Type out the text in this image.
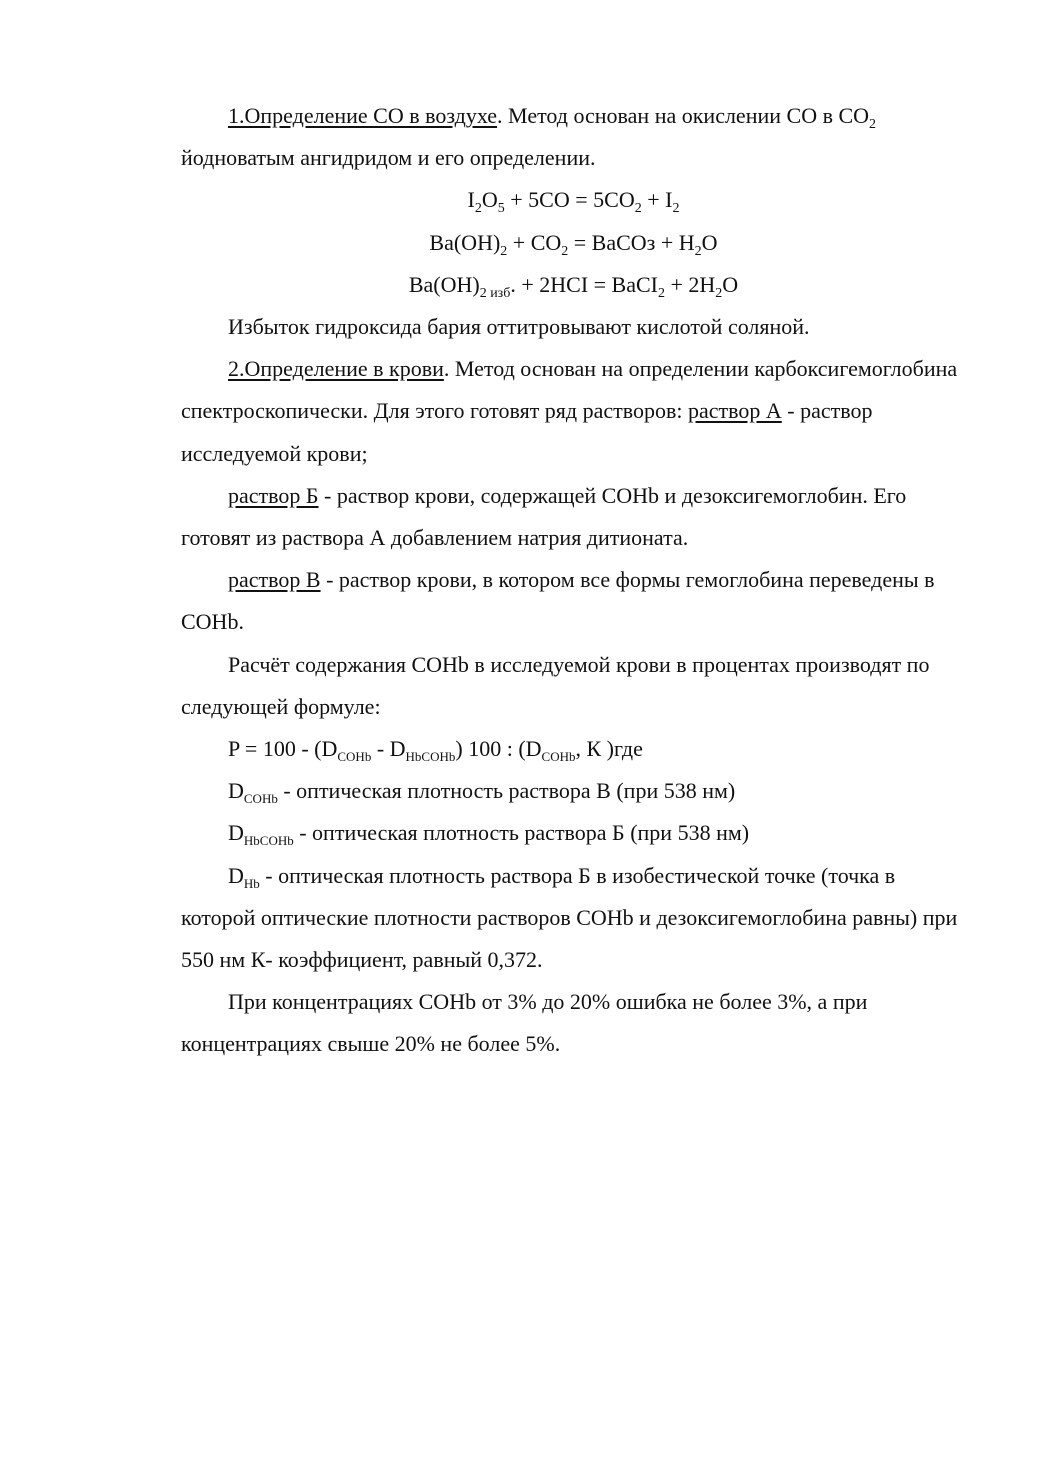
1.Определение СО в воздухе. Метод основан на окислении СО в $СО_2$
йодноватым ангидридом и его определении.

$I_2O_5 + 5CO = 5CO_2 + I_2$

$Ba(OH)_2 + CO_2$ = BaCOз + $H_2O$

$Ba(OH)_{2 изб}$. + 2HCI = BaCI$_2$ + $2H_2O$

Избыток гидроксида бария оттитровывают кислотой соляной.

2.Определение в крови. Метод основан на определении карбоксигемоглобина спектроскопически. Для этого готовят ряд растворов: раствор А - раствор исследуемой крови;

раствор Б - раствор крови, содержащей COHb и дезоксигемоглобин. Его готовят из раствора А добавлением натрия дитионата.

раствор В - раствор крови, в котором все формы гемоглобина переведены в COHb.

Расчёт содержания COHb в исследуемой крови в процентах производят по следующей формуле:

$P = 100 - (D_{COHb} - D_{HbCOHb})$ 100 : ($D_{COHb}$, К )где

$D_{COHb}$ - оптическая плотность раствора В (при 538 нм)

$D_{HbCOHb}$ - оптическая плотность раствора Б (при 538 нм)

$D_{Hb}$ - оптическая плотность раствора Б в изобестической точке (точка в которой оптические плотности растворов COHb и дезоксигемоглобина равны) при 550 нм К- коэффициент, равный 0,372.

При концентрациях COHb от 3% до 20% ошибка не более 3%, а при концентрациях свыше 20% не более 5%.
